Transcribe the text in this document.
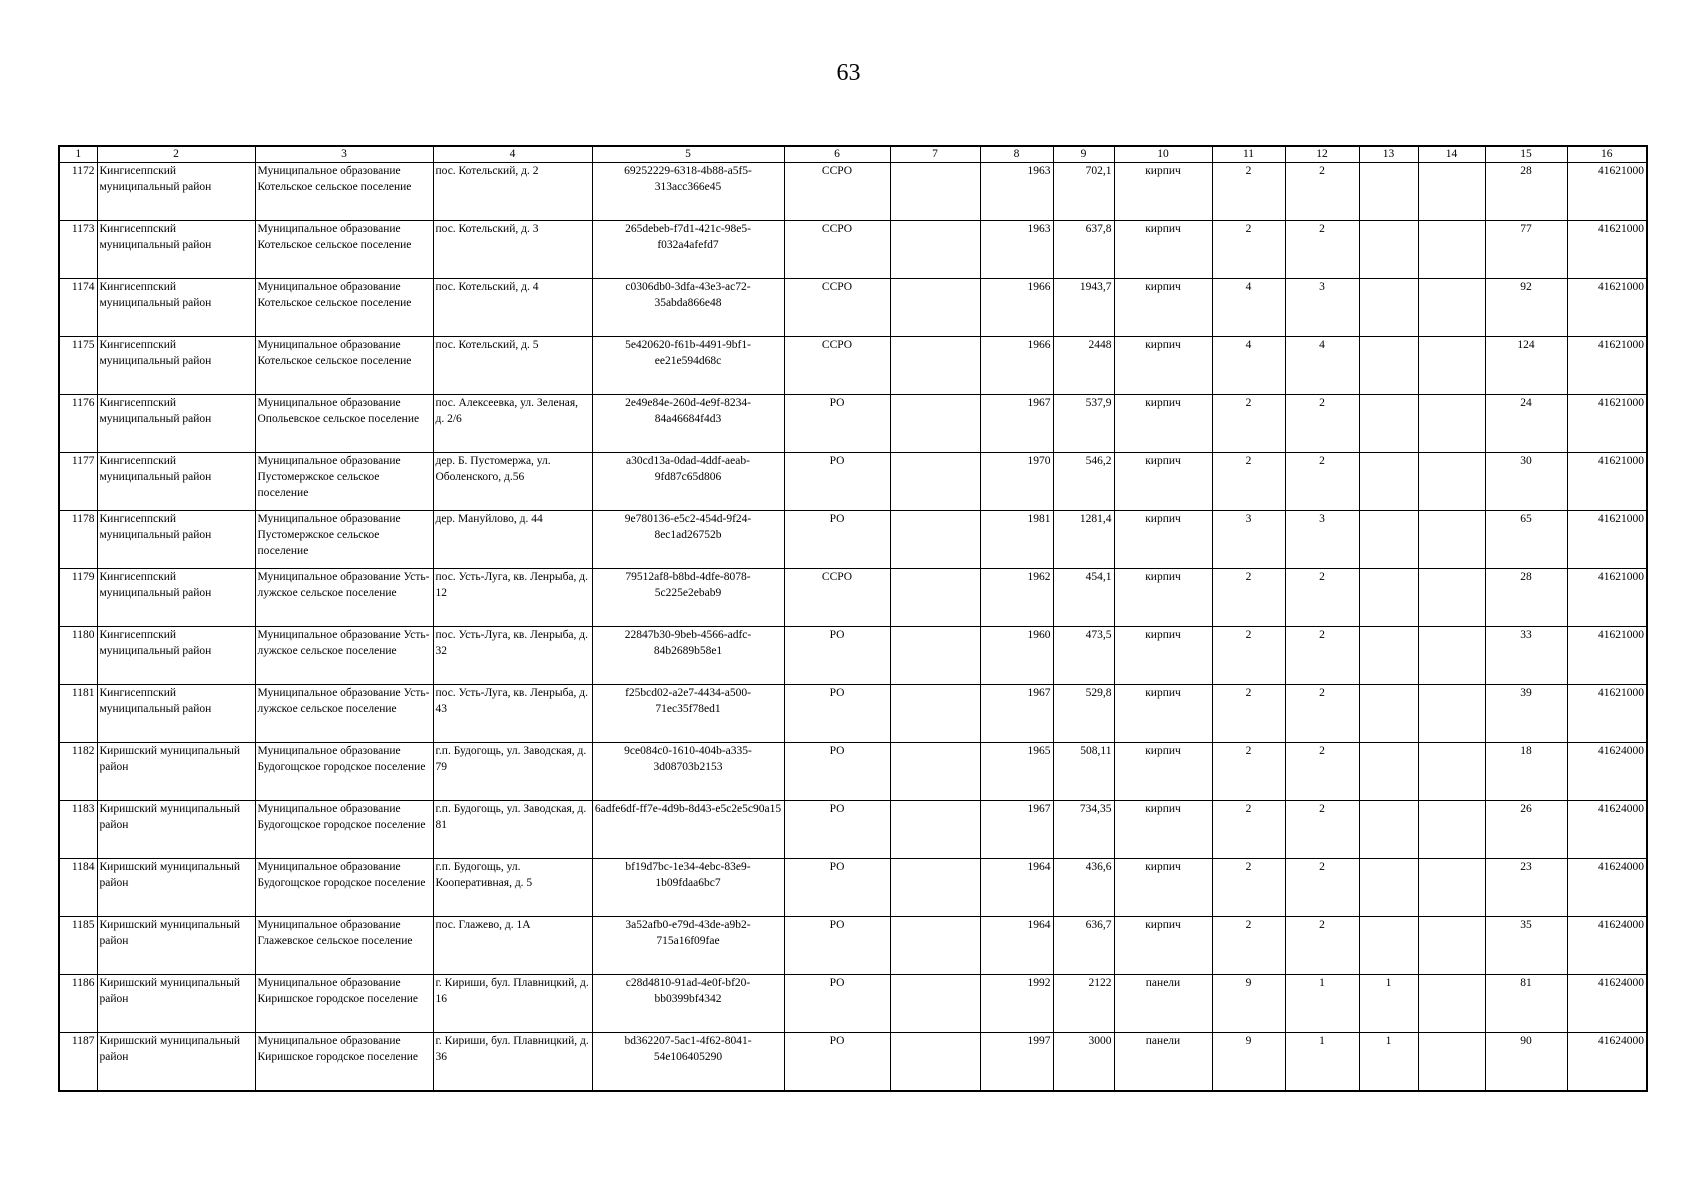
63
1	2	3	4	5	6	7	8	9	10	11	12	13	14	15	16
1172	Кингисеппский муниципальный район	Муниципальное образование Котельское сельское поселение	пос. Котельский, д. 2	69252229-6318-4b88-a5f5-313acc366e45	ССРО		1963	702,1	кирпич	2	2			28	41621000
1173	Кингисеппский муниципальный район	Муниципальное образование Котельское сельское поселение	пос. Котельский, д. 3	265debeb-f7d1-421c-98e5-f032a4afefd7	ССРО		1963	637,8	кирпич	2	2			77	41621000
1174	Кингисеппский муниципальный район	Муниципальное образование Котельское сельское поселение	пос. Котельский, д. 4	c0306db0-3dfa-43e3-ac72-35abda866e48	ССРО		1966	1943,7	кирпич	4	3			92	41621000
1175	Кингисеппский муниципальный район	Муниципальное образование Котельское сельское поселение	пос. Котельский, д. 5	5e420620-f61b-4491-9bf1-ee21e594d68c	ССРО		1966	2448	кирпич	4	4			124	41621000
1176	Кингисеппский муниципальный район	Муниципальное образование Опольевское сельское поселение	пос. Алексеевка, ул. Зеленая, д. 2/6	2e49e84e-260d-4e9f-8234-84a46684f4d3	РО		1967	537,9	кирпич	2	2			24	41621000
1177	Кингисеппский муниципальный район	Муниципальное образование Пустомержское сельское поселение	дер. Б. Пустомержа, ул. Оболенского, д.56	a30cd13a-0dad-4ddf-aeab-9fd87c65d806	РО		1970	546,2	кирпич	2	2			30	41621000
1178	Кингисеппский муниципальный район	Муниципальное образование Пустомержское сельское поселение	дер. Мануйлово, д. 44	9e780136-e5c2-454d-9f24-8ec1ad26752b	РО		1981	1281,4	кирпич	3	3			65	41621000
1179	Кингисеппский муниципальный район	Муниципальное образование Усть-лужское сельское поселение	пос. Усть-Луга, кв. Ленрыба, д. 12	79512af8-b8bd-4dfe-8078-5c225e2ebab9	ССРО		1962	454,1	кирпич	2	2			28	41621000
1180	Кингисеппский муниципальный район	Муниципальное образование Усть-лужское сельское поселение	пос. Усть-Луга, кв. Ленрыба, д. 32	22847b30-9beb-4566-adfc-84b2689b58e1	РО		1960	473,5	кирпич	2	2			33	41621000
1181	Кингисеппский муниципальный район	Муниципальное образование Усть-лужское сельское поселение	пос. Усть-Луга, кв. Ленрыба, д. 43	f25bcd02-a2e7-4434-a500-71ec35f78ed1	РО		1967	529,8	кирпич	2	2			39	41621000
1182	Киришский муниципальный район	Муниципальное образование Будогощское городское поселение	г.п. Будогощь, ул. Заводская, д. 79	9ce084c0-1610-404b-a335-3d08703b2153	РО		1965	508,11	кирпич	2	2			18	41624000
1183	Киришский муниципальный район	Муниципальное образование Будогощское городское поселение	г.п. Будогощь, ул. Заводская, д. 81	6adfe6df-ff7e-4d9b-8d43-e5c2e5c90a15	РО		1967	734,35	кирпич	2	2			26	41624000
1184	Киришский муниципальный район	Муниципальное образование Будогощское городское поселение	г.п. Будогощь, ул. Кооперативная, д. 5	bf19d7bc-1e34-4ebc-83e9-1b09fdaa6bc7	РО		1964	436,6	кирпич	2	2			23	41624000
1185	Киришский муниципальный район	Муниципальное образование Глажевское сельское поселение	пос. Глажево, д. 1А	3a52afb0-e79d-43de-a9b2-715a16f09fae	РО		1964	636,7	кирпич	2	2			35	41624000
1186	Киришский муниципальный район	Муниципальное образование Киришское городское поселение	г. Кириши, бул. Плавницкий, д. 16	c28d4810-91ad-4e0f-bf20-bb0399bf4342	РО		1992	2122	панели	9	1	1		81	41624000
1187	Киришский муниципальный район	Муниципальное образование Киришское городское поселение	г. Кириши, бул. Плавницкий, д. 36	bd362207-5ac1-4f62-8041-54e106405290	РО		1997	3000	панели	9	1	1		90	41624000
